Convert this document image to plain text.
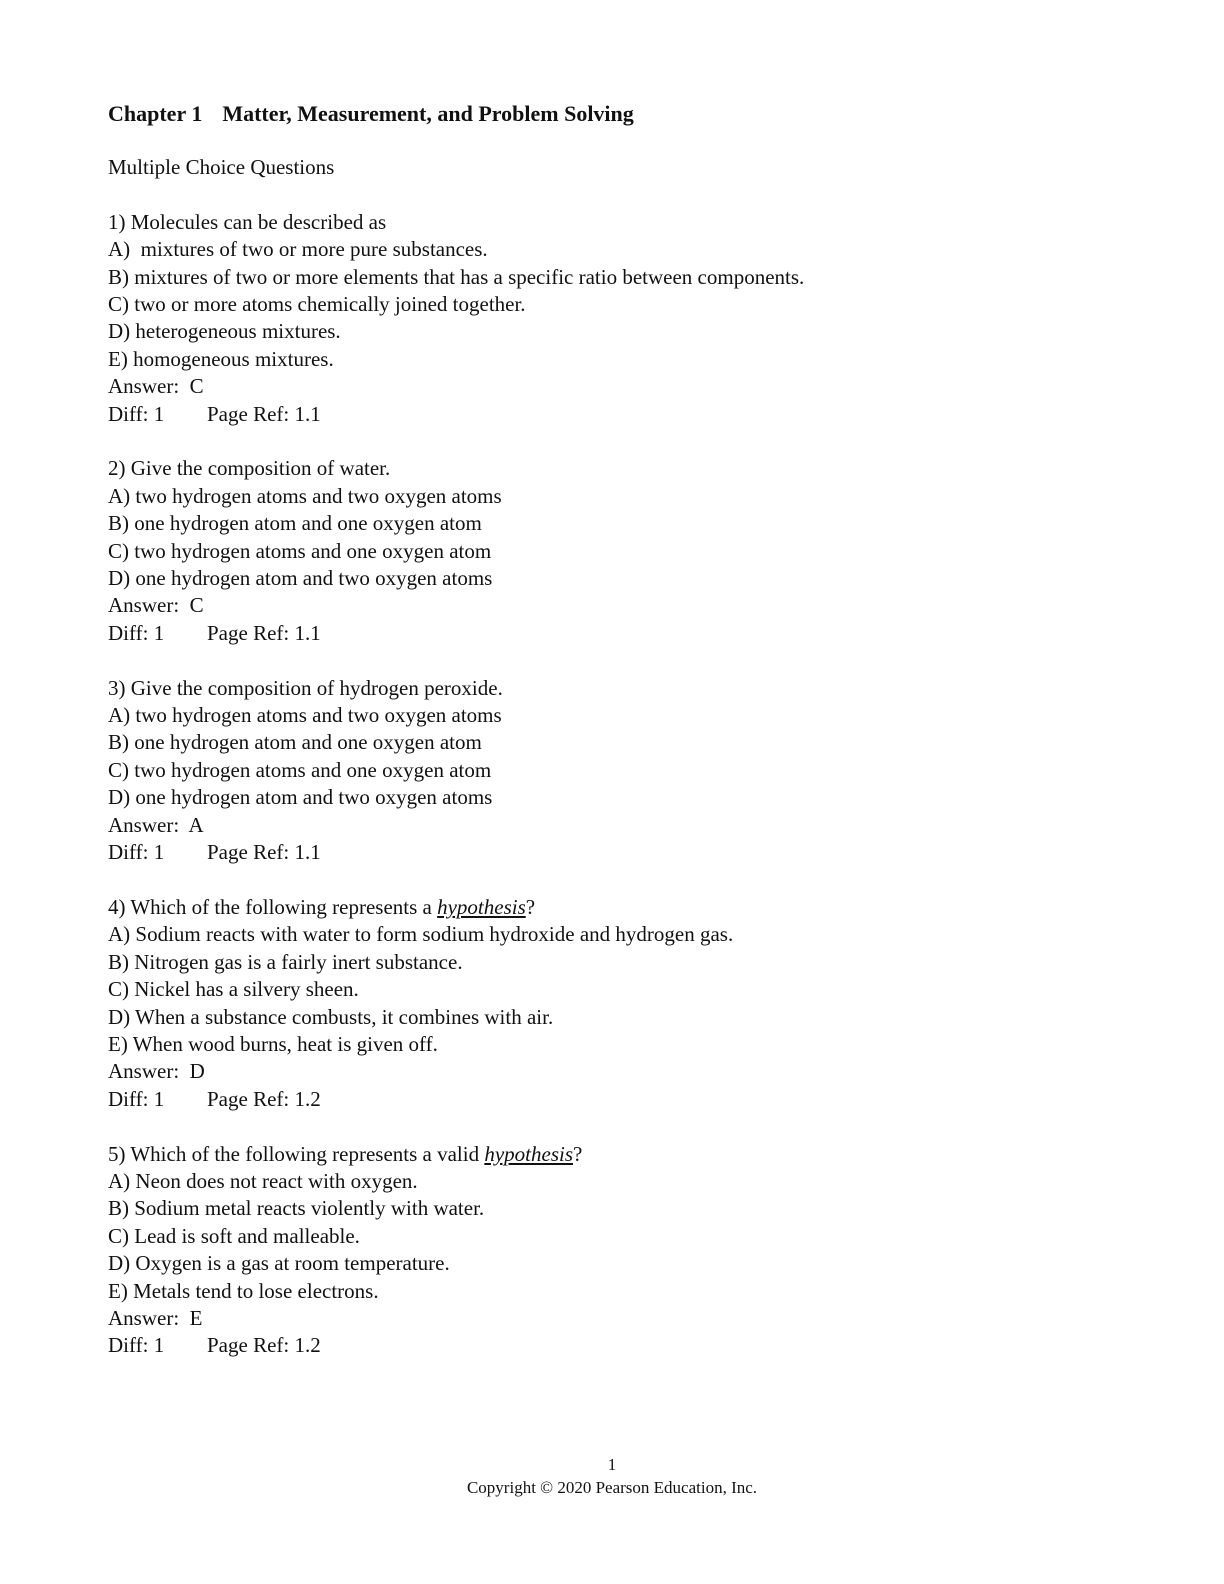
Chapter 1 Matter, Measurement, and Problem Solving
Multiple Choice Questions
1) Molecules can be described as
A)  mixtures of two or more pure substances.
B) mixtures of two or more elements that has a specific ratio between components.
C) two or more atoms chemically joined together.
D) heterogeneous mixtures.
E) homogeneous mixtures.
Answer:  C
Diff: 1 Page Ref: 1.1
2) Give the composition of water.
A) two hydrogen atoms and two oxygen atoms
B) one hydrogen atom and one oxygen atom
C) two hydrogen atoms and one oxygen atom
D) one hydrogen atom and two oxygen atoms
Answer:  C
Diff: 1 Page Ref: 1.1
3) Give the composition of hydrogen peroxide.
A) two hydrogen atoms and two oxygen atoms
B) one hydrogen atom and one oxygen atom
C) two hydrogen atoms and one oxygen atom
D) one hydrogen atom and two oxygen atoms
Answer:  A
Diff: 1 Page Ref: 1.1
4) Which of the following represents a hypothesis?
A) Sodium reacts with water to form sodium hydroxide and hydrogen gas.
B) Nitrogen gas is a fairly inert substance.
C) Nickel has a silvery sheen.
D) When a substance combusts, it combines with air.
E) When wood burns, heat is given off.
Answer:  D
Diff: 1 Page Ref: 1.2
5) Which of the following represents a valid hypothesis?
A) Neon does not react with oxygen.
B) Sodium metal reacts violently with water.
C) Lead is soft and malleable.
D) Oxygen is a gas at room temperature.
E) Metals tend to lose electrons.
Answer:  E
Diff: 1 Page Ref: 1.2
1
Copyright © 2020 Pearson Education, Inc.
